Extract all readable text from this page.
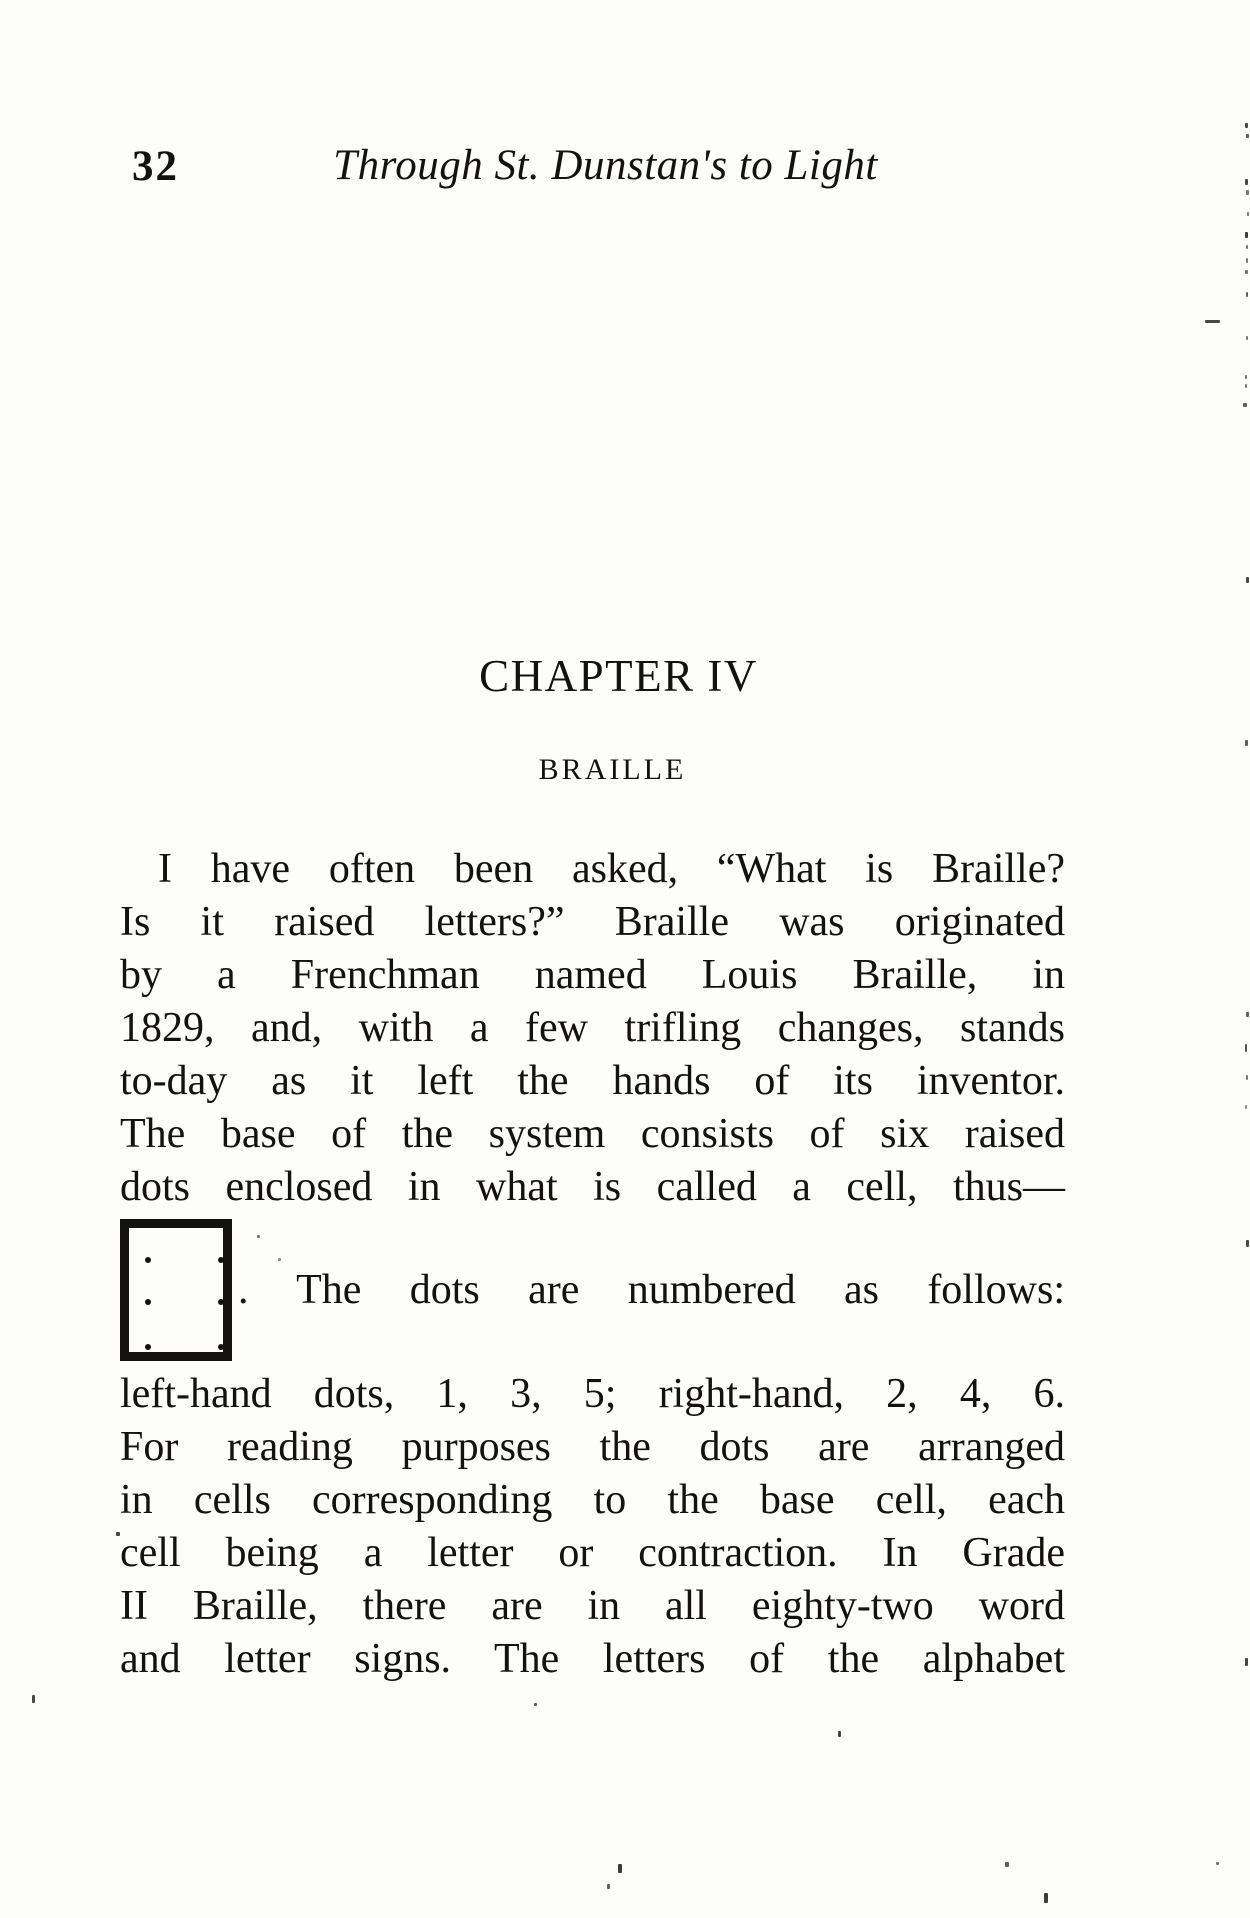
32	Through St. Dunstan's to Light
CHAPTER IV
BRAILLE
I have often been asked, “What is Braille?
Is it raised letters?” Braille was originated
by a Frenchman named Louis Braille, in
1829, and, with a few trifling changes, stands
to-day as it left the hands of its inventor.
The base of the system consists of six raised
dots enclosed in what is called a cell, thus—
. The dots are numbered as follows:
left-hand dots, 1, 3, 5; right-hand, 2, 4, 6.
For reading purposes the dots are arranged
in cells corresponding to the base cell, each
cell being a letter or contraction. In Grade
II Braille, there are in all eighty-two word
and letter signs. The letters of the alphabet
